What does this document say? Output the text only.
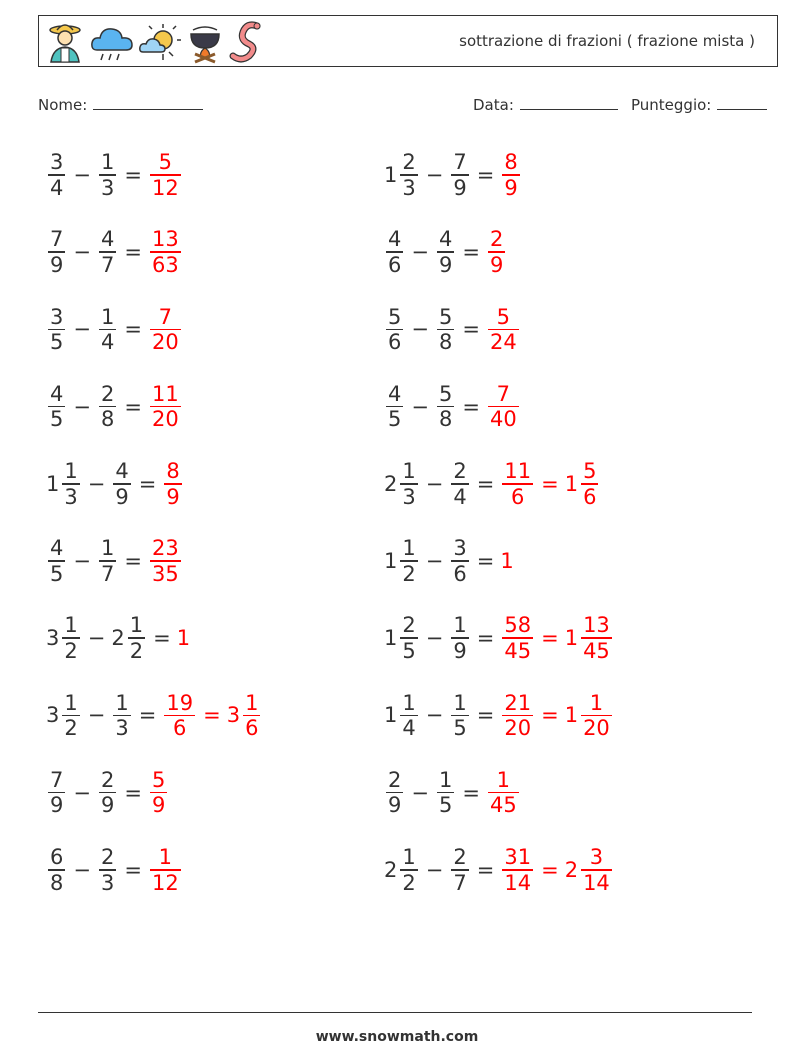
sottrazione di frazioni ( frazione mista )
Nome:	Data:	Punteggio:
$\frac{3}{4} - \frac{1}{3} = \frac{5}{12}$
$\frac{7}{9} - \frac{4}{7} = \frac{13}{63}$
$\frac{3}{5} - \frac{1}{4} = \frac{7}{20}$
$\frac{4}{5} - \frac{2}{8} = \frac{11}{20}$
$1 \frac{1}{3} - \frac{4}{9} = \frac{8}{9}$
$\frac{4}{5} - \frac{1}{7} = \frac{23}{35}$
$3 \frac{1}{2} - 2 \frac{1}{2} = 1$
$3 \frac{1}{2} - \frac{1}{3} = \frac{19}{6} = 3 \frac{1}{6}$
$\frac{7}{9} - \frac{2}{9} = \frac{5}{9}$
$\frac{6}{8} - \frac{2}{3} = \frac{1}{12}$
$1 \frac{2}{3} - \frac{7}{9} = \frac{8}{9}$
$\frac{4}{6} - \frac{4}{9} = \frac{2}{9}$
$\frac{5}{6} - \frac{5}{8} = \frac{5}{24}$
$\frac{4}{5} - \frac{5}{8} = \frac{7}{40}$
$2 \frac{1}{3} - \frac{2}{4} = \frac{11}{6} = 1 \frac{5}{6}$
$1 \frac{1}{2} - \frac{3}{6} = 1$
$1 \frac{2}{5} - \frac{1}{9} = \frac{58}{45} = 1 \frac{13}{45}$
$1 \frac{1}{4} - \frac{1}{5} = \frac{21}{20} = 1 \frac{1}{20}$
$\frac{2}{9} - \frac{1}{5} = \frac{1}{45}$
$2 \frac{1}{2} - \frac{2}{7} = \frac{31}{14} = 2 \frac{3}{14}$
www.snowmath.com
